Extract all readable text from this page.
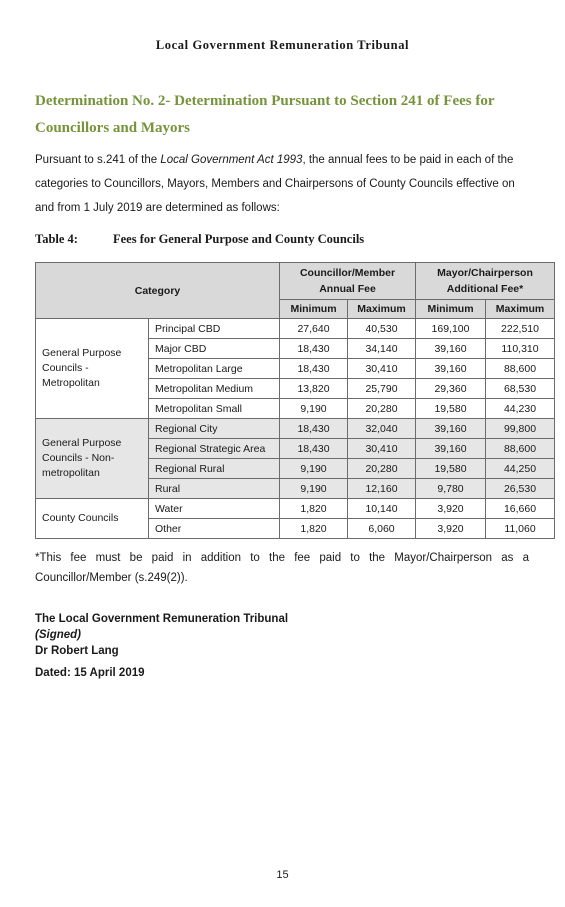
Local Government Remuneration Tribunal
Determination No. 2- Determination Pursuant to Section 241 of Fees for Councillors and Mayors
Pursuant to s.241 of the Local Government Act 1993, the annual fees to be paid in each of the categories to Councillors, Mayors, Members and Chairpersons of County Councils effective on and from 1 July 2019 are determined as follows:
Table 4:	Fees for General Purpose and County Councils
Category		Councillor/Member Annual Fee		Mayor/Chairperson Additional Fee*	
		Minimum	Maximum	Minimum	Maximum
General Purpose Councils - Metropolitan	Principal CBD	27,640	40,530	169,100	222,510
	Major CBD	18,430	34,140	39,160	110,310
	Metropolitan Large	18,430	30,410	39,160	88,600
	Metropolitan Medium	13,820	25,790	29,360	68,530
	Metropolitan Small	9,190	20,280	19,580	44,230
General Purpose Councils - Non-metropolitan	Regional City	18,430	32,040	39,160	99,800
	Regional Strategic Area	18,430	30,410	39,160	88,600
	Regional Rural	9,190	20,280	19,580	44,250
	Rural	9,190	12,160	9,780	26,530
County Councils	Water	1,820	10,140	3,920	16,660
	Other	1,820	6,060	3,920	11,060
*This fee must be paid in addition to the fee paid to the Mayor/Chairperson as a Councillor/Member (s.249(2)).
The Local Government Remuneration Tribunal
(Signed)
Dr Robert Lang
Dated: 15 April 2019
15
